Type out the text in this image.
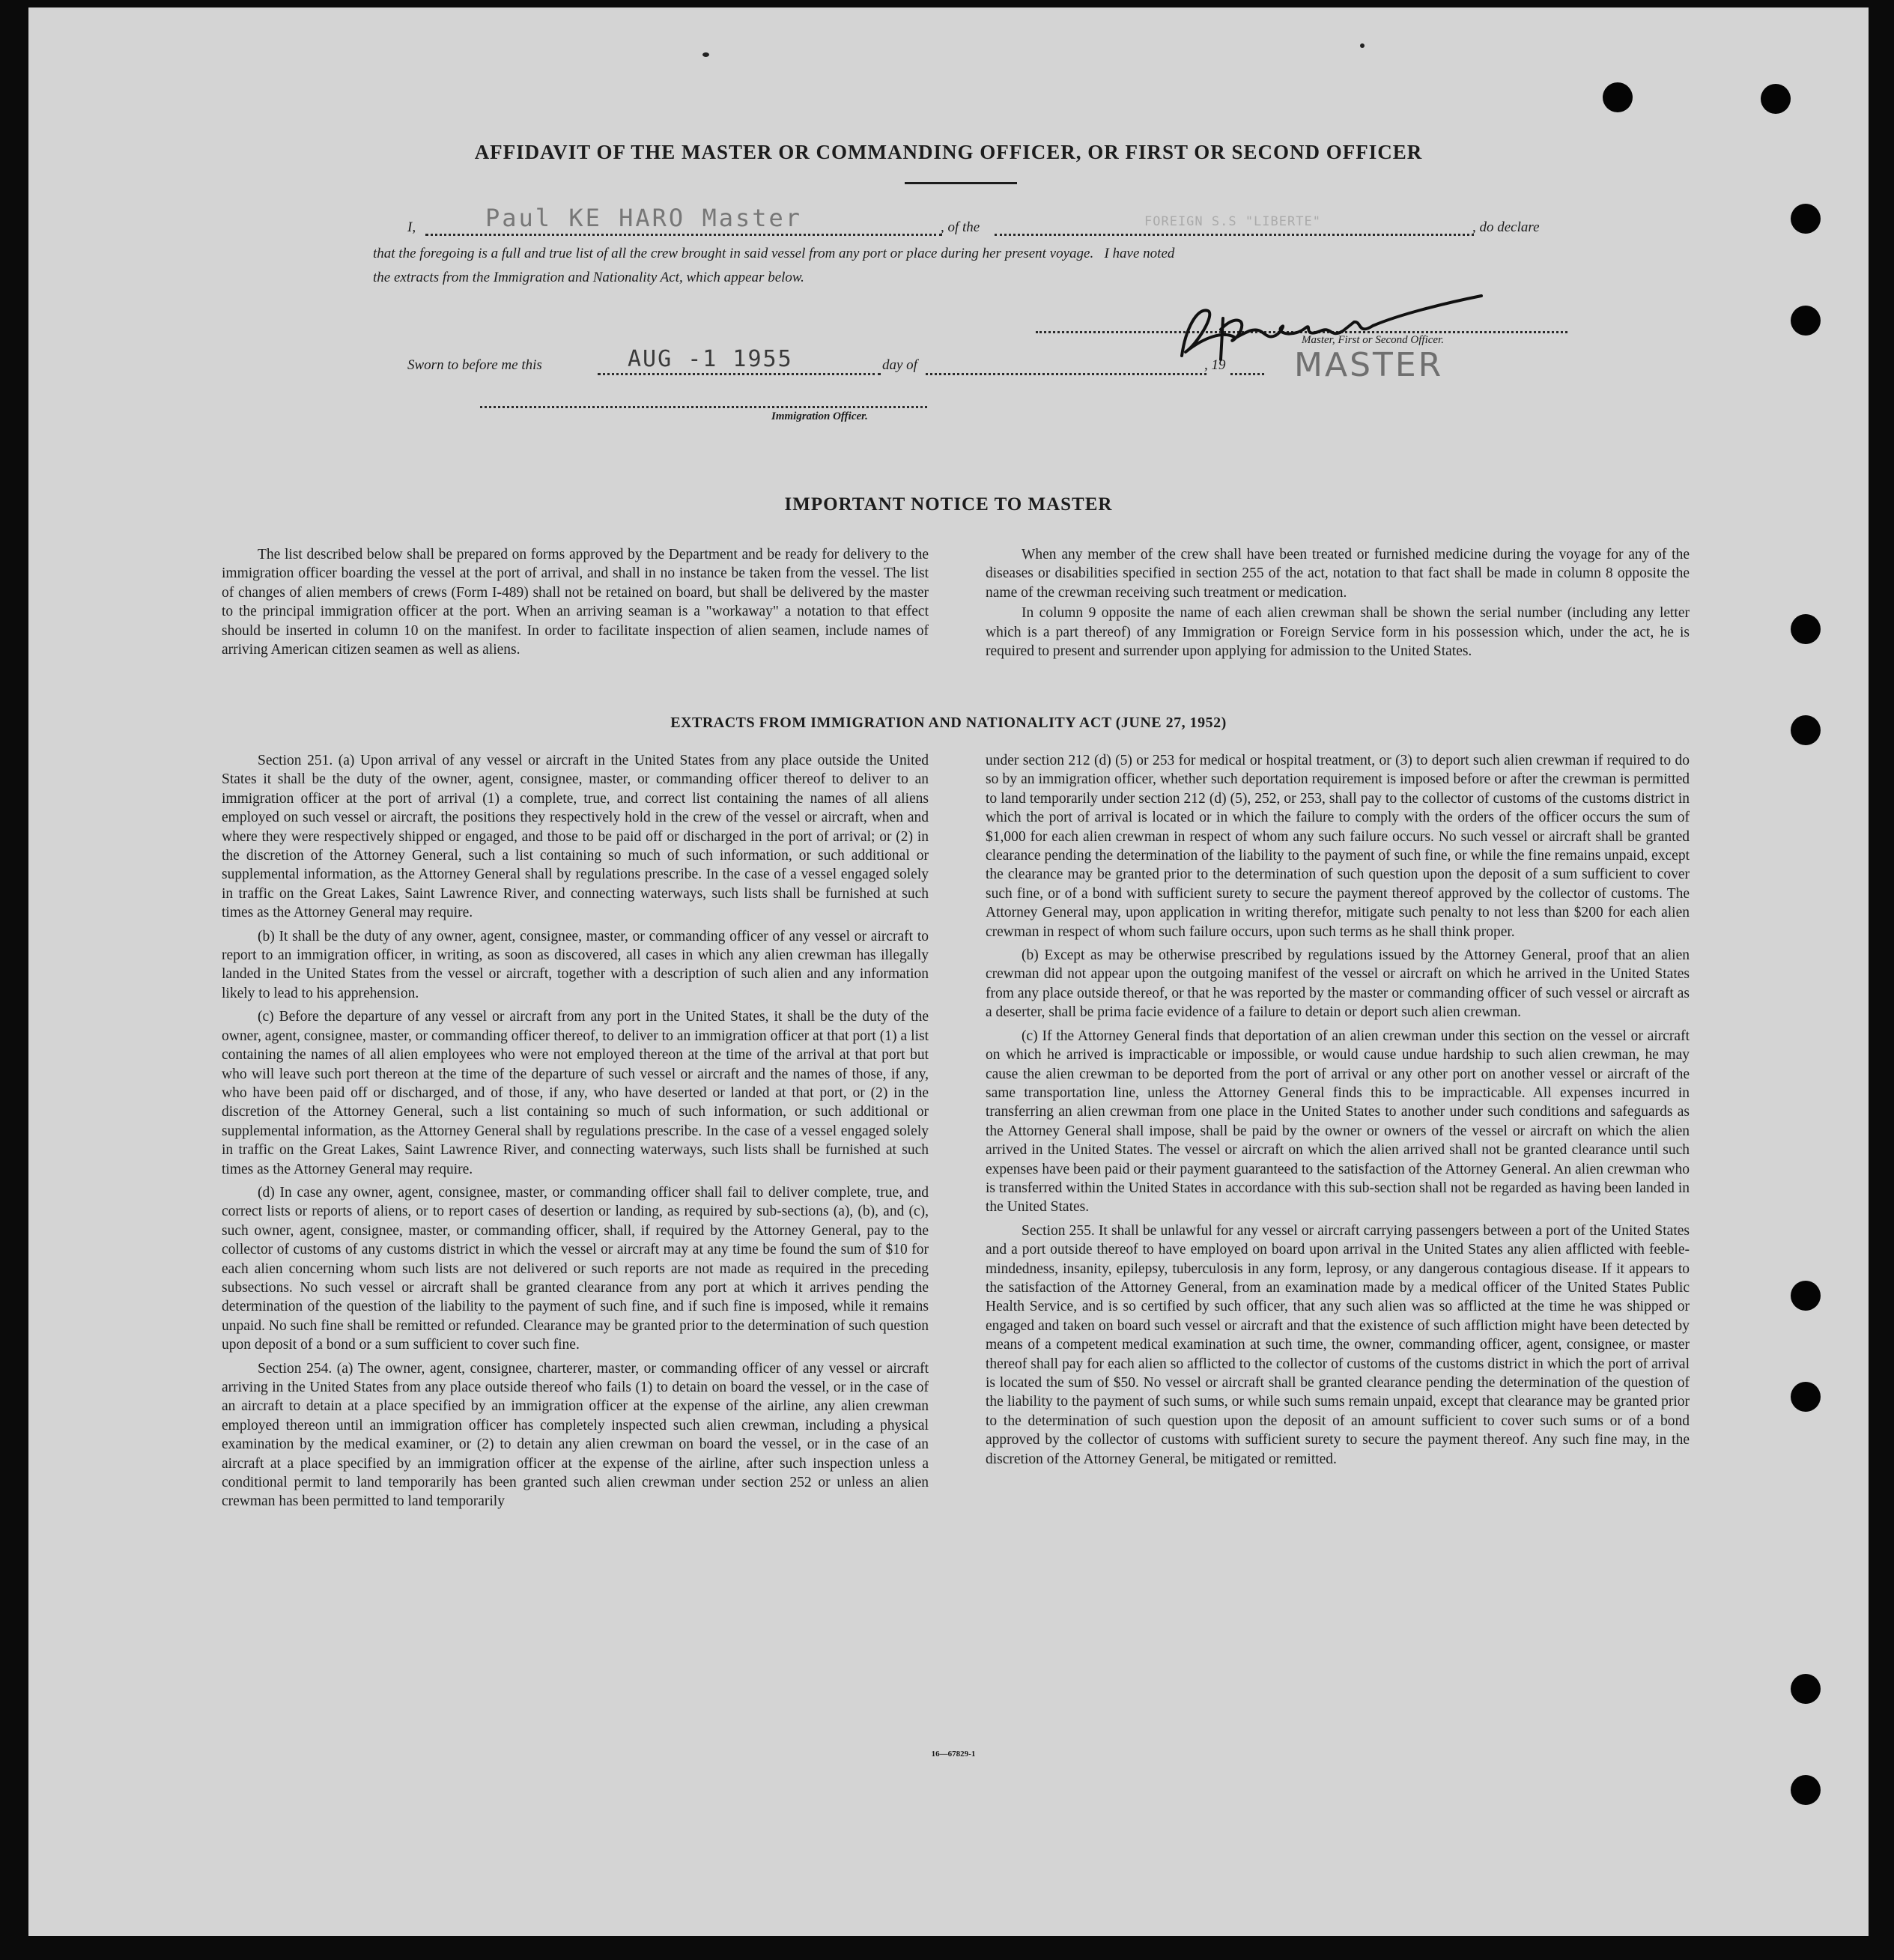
AFFIDAVIT OF THE MASTER OR COMMANDING OFFICER, OR FIRST OR SECOND OFFICER
I,	Paul KE HARO Master	, of the	FOREIGN S.S "LIBERTE"	, do declare
that the foregoing is a full and true list of all the crew brought in said vessel from any port or place during her present voyage.   I have noted
the extracts from the Immigration and Nationality Act, which appear below.
Master, First or Second Officer.
MASTER
Sworn to before me this	AUG -1 1955	day of	, 19
Immigration Officer.
IMPORTANT NOTICE TO MASTER

The list described below shall be prepared on forms approved by the Department and be ready for delivery to the immigration officer boarding the vessel at the port of arrival, and shall in no instance be taken from the vessel. The list of changes of alien members of crews (Form I-489) shall not be retained on board, but shall be delivered by the master to the principal immigration officer at the port. When an arriving seaman is a "workaway" a notation to that effect should be inserted in column 10 on the manifest. In order to facilitate inspection of alien seamen, include names of arriving American citizen seamen as well as aliens.

When any member of the crew shall have been treated or furnished medicine during the voyage for any of the diseases or disabilities specified in section 255 of the act, notation to that fact shall be made in column 8 opposite the name of the crewman receiving such treatment or medication.

In column 9 opposite the name of each alien crewman shall be shown the serial number (including any letter which is a part thereof) of any Immigration or Foreign Service form in his possession which, under the act, he is required to present and surrender upon applying for admission to the United States.

EXTRACTS FROM IMMIGRATION AND NATIONALITY ACT (JUNE 27, 1952)

Section 251. (a) Upon arrival of any vessel or aircraft in the United States from any place outside the United States it shall be the duty of the owner, agent, consignee, master, or commanding officer thereof to deliver to an immigration officer at the port of arrival (1) a complete, true, and correct list containing the names of all aliens employed on such vessel or aircraft, the positions they respectively hold in the crew of the vessel or aircraft, when and where they were respectively shipped or engaged, and those to be paid off or discharged in the port of arrival; or (2) in the discretion of the Attorney General, such a list containing so much of such information, or such additional or supplemental information, as the Attorney General shall by regulations prescribe. In the case of a vessel engaged solely in traffic on the Great Lakes, Saint Lawrence River, and connecting waterways, such lists shall be furnished at such times as the Attorney General may require.

(b) It shall be the duty of any owner, agent, consignee, master, or commanding officer of any vessel or aircraft to report to an immigration officer, in writing, as soon as discovered, all cases in which any alien crewman has illegally landed in the United States from the vessel or aircraft, together with a description of such alien and any information likely to lead to his apprehension.

(c) Before the departure of any vessel or aircraft from any port in the United States, it shall be the duty of the owner, agent, consignee, master, or commanding officer thereof, to deliver to an immigration officer at that port (1) a list containing the names of all alien employees who were not employed thereon at the time of the arrival at that port but who will leave such port thereon at the time of the departure of such vessel or aircraft and the names of those, if any, who have been paid off or discharged, and of those, if any, who have deserted or landed at that port, or (2) in the discretion of the Attorney General, such a list containing so much of such information, or such additional or supplemental information, as the Attorney General shall by regulations prescribe. In the case of a vessel engaged solely in traffic on the Great Lakes, Saint Lawrence River, and connecting waterways, such lists shall be furnished at such times as the Attorney General may require.

(d) In case any owner, agent, consignee, master, or commanding officer shall fail to deliver complete, true, and correct lists or reports of aliens, or to report cases of desertion or landing, as required by sub-sections (a), (b), and (c), such owner, agent, consignee, master, or commanding officer, shall, if required by the Attorney General, pay to the collector of customs of any customs district in which the vessel or aircraft may at any time be found the sum of $10 for each alien concerning whom such lists are not delivered or such reports are not made as required in the preceding subsections. No such vessel or aircraft shall be granted clearance from any port at which it arrives pending the determination of the question of the liability to the payment of such fine, and if such fine is imposed, while it remains unpaid. No such fine shall be remitted or refunded. Clearance may be granted prior to the determination of such question upon deposit of a bond or a sum sufficient to cover such fine.

Section 254. (a) The owner, agent, consignee, charterer, master, or commanding officer of any vessel or aircraft arriving in the United States from any place outside thereof who fails (1) to detain on board the vessel, or in the case of an aircraft to detain at a place specified by an immigration officer at the expense of the airline, any alien crewman employed thereon until an immigration officer has completely inspected such alien crewman, including a physical examination by the medical examiner, or (2) to detain any alien crewman on board the vessel, or in the case of an aircraft at a place specified by an immigration officer at the expense of the airline, after such inspection unless a conditional permit to land temporarily has been granted such alien crewman under section 252 or unless an alien crewman has been permitted to land temporarily

under section 212 (d) (5) or 253 for medical or hospital treatment, or (3) to deport such alien crewman if required to do so by an immigration officer, whether such deportation requirement is imposed before or after the crewman is permitted to land temporarily under section 212 (d) (5), 252, or 253, shall pay to the collector of customs of the customs district in which the port of arrival is located or in which the failure to comply with the orders of the officer occurs the sum of $1,000 for each alien crewman in respect of whom any such failure occurs. No such vessel or aircraft shall be granted clearance pending the determination of the liability to the payment of such fine, or while the fine remains unpaid, except the clearance may be granted prior to the determination of such question upon the deposit of a sum sufficient to cover such fine, or of a bond with sufficient surety to secure the payment thereof approved by the collector of customs. The Attorney General may, upon application in writing therefor, mitigate such penalty to not less than $200 for each alien crewman in respect of whom such failure occurs, upon such terms as he shall think proper.

(b) Except as may be otherwise prescribed by regulations issued by the Attorney General, proof that an alien crewman did not appear upon the outgoing manifest of the vessel or aircraft on which he arrived in the United States from any place outside thereof, or that he was reported by the master or commanding officer of such vessel or aircraft as a deserter, shall be prima facie evidence of a failure to detain or deport such alien crewman.

(c) If the Attorney General finds that deportation of an alien crewman under this section on the vessel or aircraft on which he arrived is impracticable or impossible, or would cause undue hardship to such alien crewman, he may cause the alien crewman to be deported from the port of arrival or any other port on another vessel or aircraft of the same transportation line, unless the Attorney General finds this to be impracticable. All expenses incurred in transferring an alien crewman from one place in the United States to another under such conditions and safeguards as the Attorney General shall impose, shall be paid by the owner or owners of the vessel or aircraft on which the alien arrived in the United States. The vessel or aircraft on which the alien arrived shall not be granted clearance until such expenses have been paid or their payment guaranteed to the satisfaction of the Attorney General. An alien crewman who is transferred within the United States in accordance with this sub-section shall not be regarded as having been landed in the United States.

Section 255. It shall be unlawful for any vessel or aircraft carrying passengers between a port of the United States and a port outside thereof to have employed on board upon arrival in the United States any alien afflicted with feeble-mindedness, insanity, epilepsy, tuberculosis in any form, leprosy, or any dangerous contagious disease. If it appears to the satisfaction of the Attorney General, from an examination made by a medical officer of the United States Public Health Service, and is so certified by such officer, that any such alien was so afflicted at the time he was shipped or engaged and taken on board such vessel or aircraft and that the existence of such affliction might have been detected by means of a competent medical examination at such time, the owner, commanding officer, agent, consignee, or master thereof shall pay for each alien so afflicted to the collector of customs of the customs district in which the port of arrival is located the sum of $50. No vessel or aircraft shall be granted clearance pending the determination of the question of the liability to the payment of such sums, or while such sums remain unpaid, except that clearance may be granted prior to the determination of such question upon the deposit of an amount sufficient to cover such sums or of a bond approved by the collector of customs with sufficient surety to secure the payment thereof. Any such fine may, in the discretion of the Attorney General, be mitigated or remitted.

16—67829-1
